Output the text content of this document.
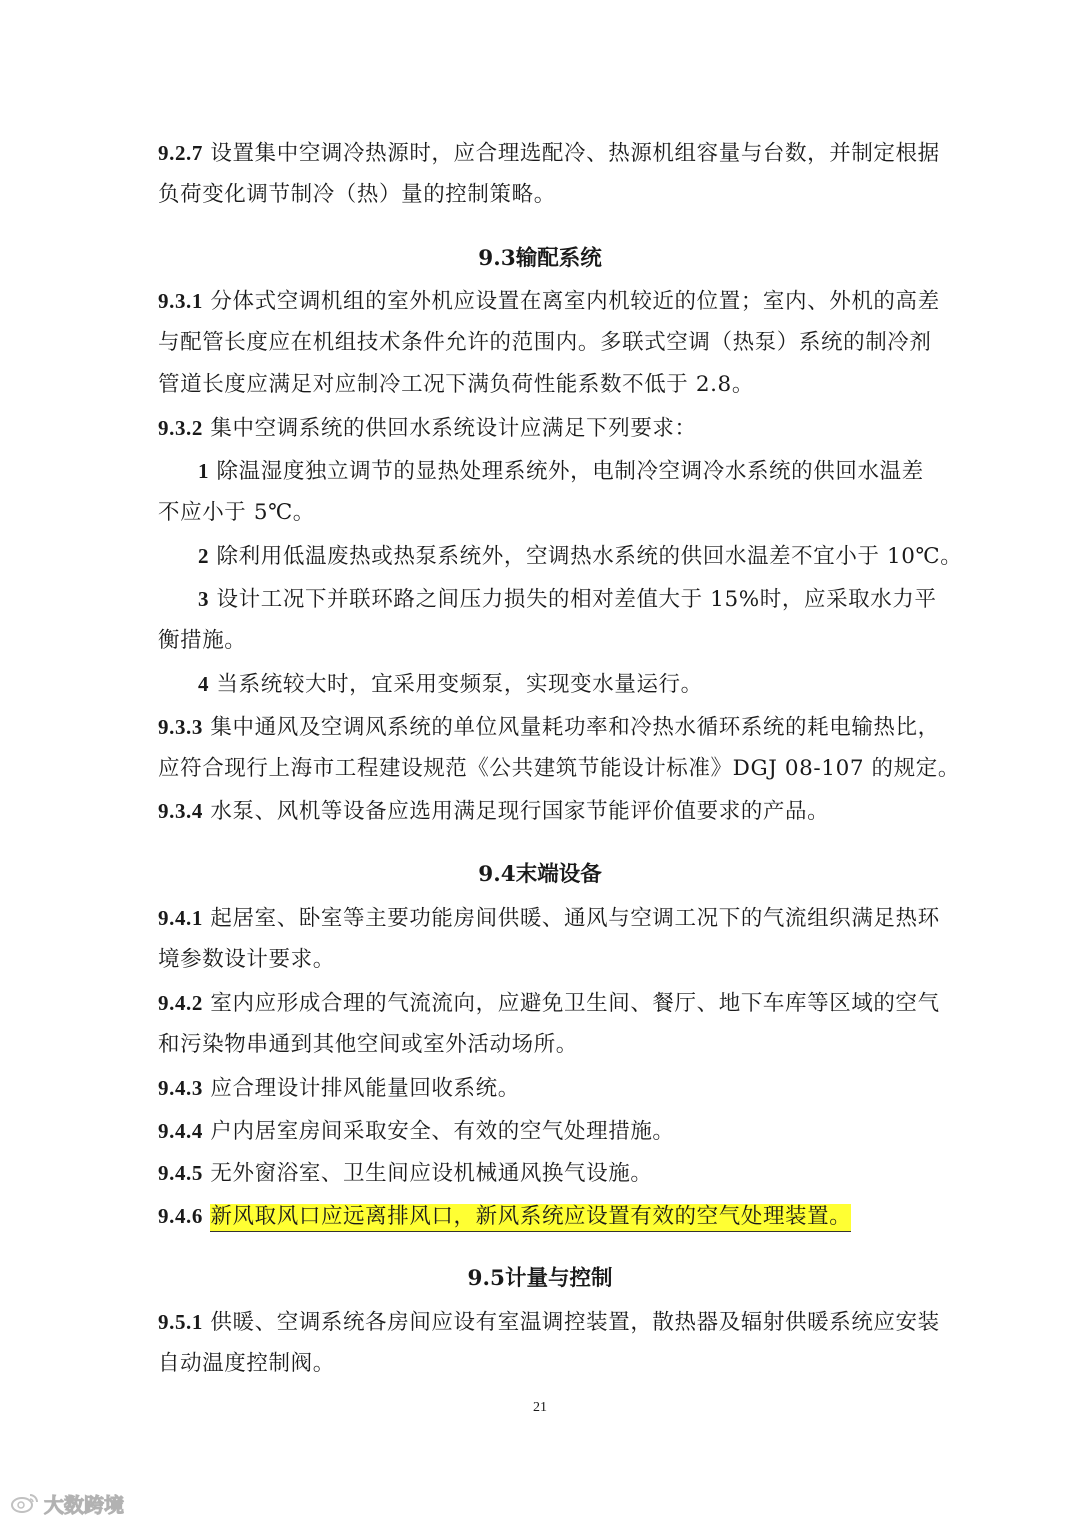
9.2.7 设置集中空调冷热源时，应合理选配冷、热源机组容量与台数，并制定根据
负荷变化调节制冷（热）量的控制策略。
9.3输配系统
9.3.1 分体式空调机组的室外机应设置在离室内机较近的位置；室内、外机的高差
与配管长度应在机组技术条件允许的范围内。多联式空调（热泵）系统的制冷剂
管道长度应满足对应制冷工况下满负荷性能系数不低于 2.8。
9.3.2 集中空调系统的供回水系统设计应满足下列要求：
1 除温湿度独立调节的显热处理系统外，电制冷空调冷水系统的供回水温差
不应小于 5℃。
2 除利用低温废热或热泵系统外，空调热水系统的供回水温差不宜小于 10℃。
3 设计工况下并联环路之间压力损失的相对差值大于 15%时，应采取水力平
衡措施。
4 当系统较大时，宜采用变频泵，实现变水量运行。
9.3.3 集中通风及空调风系统的单位风量耗功率和冷热水循环系统的耗电输热比，
应符合现行上海市工程建设规范《公共建筑节能设计标准》DGJ 08-107 的规定。
9.3.4 水泵、风机等设备应选用满足现行国家节能评价值要求的产品。
9.4末端设备
9.4.1 起居室、卧室等主要功能房间供暖、通风与空调工况下的气流组织满足热环
境参数设计要求。
9.4.2 室内应形成合理的气流流向，应避免卫生间、餐厅、地下车库等区域的空气
和污染物串通到其他空间或室外活动场所。
9.4.3 应合理设计排风能量回收系统。
9.4.4 户内居室房间采取安全、有效的空气处理措施。
9.4.5 无外窗浴室、卫生间应设机械通风换气设施。
9.4.6 新风取风口应远离排风口，新风系统应设置有效的空气处理装置。
9.5计量与控制
9.5.1 供暖、空调系统各房间应设有室温调控装置，散热器及辐射供暖系统应安装
自动温度控制阀。
21
大数跨境
